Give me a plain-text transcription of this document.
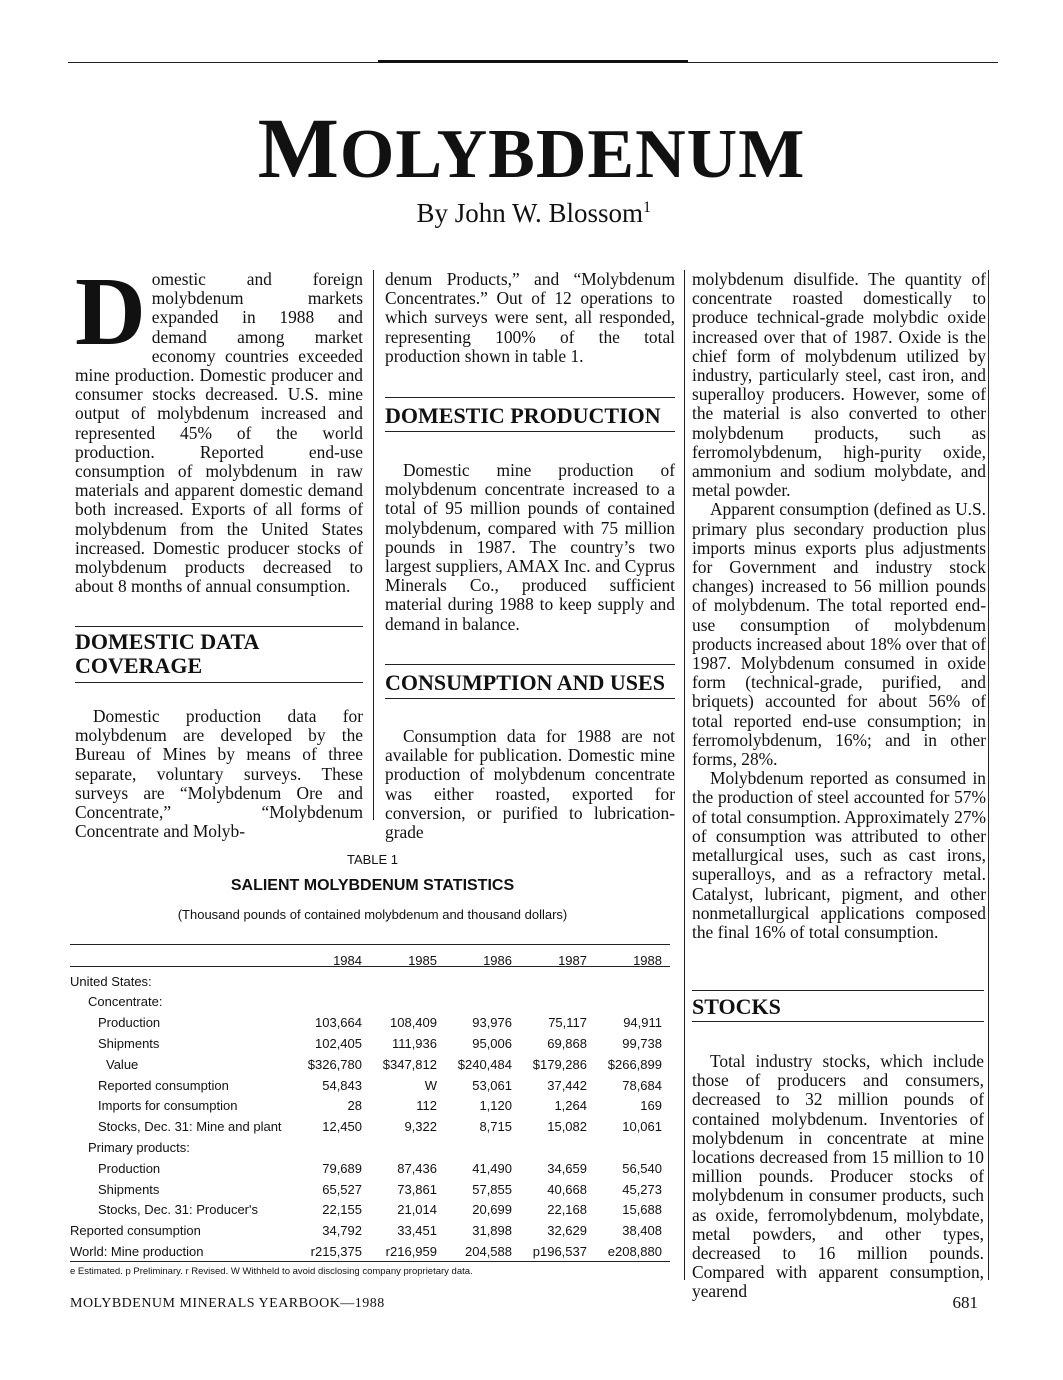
MOLYBDENUM
By John W. Blossom$^1$
Domestic and foreign molybdenum markets expanded in 1988 and demand among market economy countries exceeded mine production. Domestic producer and consumer stocks decreased. U.S. mine output of molybdenum increased and represented 45% of the world production. Reported end-use consumption of molybdenum in raw materials and apparent domestic demand both increased. Exports of all forms of molybdenum from the United States increased. Domestic producer stocks of molybdenum products decreased to about 8 months of annual consumption.
DOMESTIC DATA COVERAGE
Domestic production data for molybdenum are developed by the Bureau of Mines by means of three separate, voluntary surveys. These surveys are “Molybdenum Ore and Concentrate,” “Molybdenum Concentrate and Molyb-
denum Products,” and “Molybdenum Concentrates.” Out of 12 operations to which surveys were sent, all responded, representing 100% of the total production shown in table 1.
DOMESTIC PRODUCTION
Domestic mine production of molybdenum concentrate increased to a total of 95 million pounds of contained molybdenum, compared with 75 million pounds in 1987. The country’s two largest suppliers, AMAX Inc. and Cyprus Minerals Co., produced sufficient material during 1988 to keep supply and demand in balance.
CONSUMPTION AND USES
Consumption data for 1988 are not available for publication. Domestic mine production of molybdenum concentrate was either roasted, exported for conversion, or purified to lubrication-grade

molybdenum disulfide. The quantity of concentrate roasted domestically to produce technical-grade molybdic oxide increased over that of 1987. Oxide is the chief form of molybdenum utilized by industry, particularly steel, cast iron, and superalloy producers. However, some of the material is also converted to other molybdenum products, such as ferromolybdenum, high-purity oxide, ammonium and sodium molybdate, and metal powder.

Apparent consumption (defined as U.S. primary plus secondary production plus imports minus exports plus adjustments for Government and industry stock changes) increased to 56 million pounds of molybdenum. The total reported end-use consumption of molybdenum products increased about 18% over that of 1987. Molybdenum consumed in oxide form (technical-grade, purified, and briquets) accounted for about 56% of total reported end-use consumption; in ferromolybdenum, 16%; and in other forms, 28%.

Molybdenum reported as consumed in the production of steel accounted for 57% of total consumption. Approximately 27% of consumption was attributed to other metallurgical uses, such as cast irons, superalloys, and as a refractory metal. Catalyst, lubricant, pigment, and other nonmetallurgical applications composed the final 16% of total consumption.

STOCKS
Total industry stocks, which include those of producers and consumers, decreased to 32 million pounds of contained molybdenum. Inventories of molybdenum in concentrate at mine locations decreased from 15 million to 10 million pounds. Producer stocks of molybdenum in consumer products, such as oxide, ferromolybdenum, molybdate, metal powders, and other types, decreased to 16 million pounds. Compared with apparent consumption, yearend
TABLE 1
SALIENT MOLYBDENUM STATISTICS
(Thousand pounds of contained molybdenum and thousand dollars)
	1984	1985	1986	1987	1988
United States:					
Concentrate:					
Production	103,664	108,409	93,976	75,117	94,911
Shipments	102,405	111,936	95,006	69,868	99,738
Value	$326,780	$347,812	$240,484	$179,286	$266,899
Reported consumption	54,843	W	53,061	37,442	78,684
Imports for consumption	28	112	1,120	1,264	169
Stocks, Dec. 31: Mine and plant	12,450	9,322	8,715	15,082	10,061
Primary products:					
Production	79,689	87,436	41,490	34,659	56,540
Shipments	65,527	73,861	57,855	40,668	45,273
Stocks, Dec. 31: Producer's	22,155	21,014	20,699	22,168	15,688
Reported consumption	34,792	33,451	31,898	32,629	38,408
World: Mine production	r215,375	r216,959	204,588	p196,537	e208,880
e Estimated. p Preliminary. r Revised. W Withheld to avoid disclosing company proprietary data.
MOLYBDENUM MINERALS YEARBOOK—1988	681
